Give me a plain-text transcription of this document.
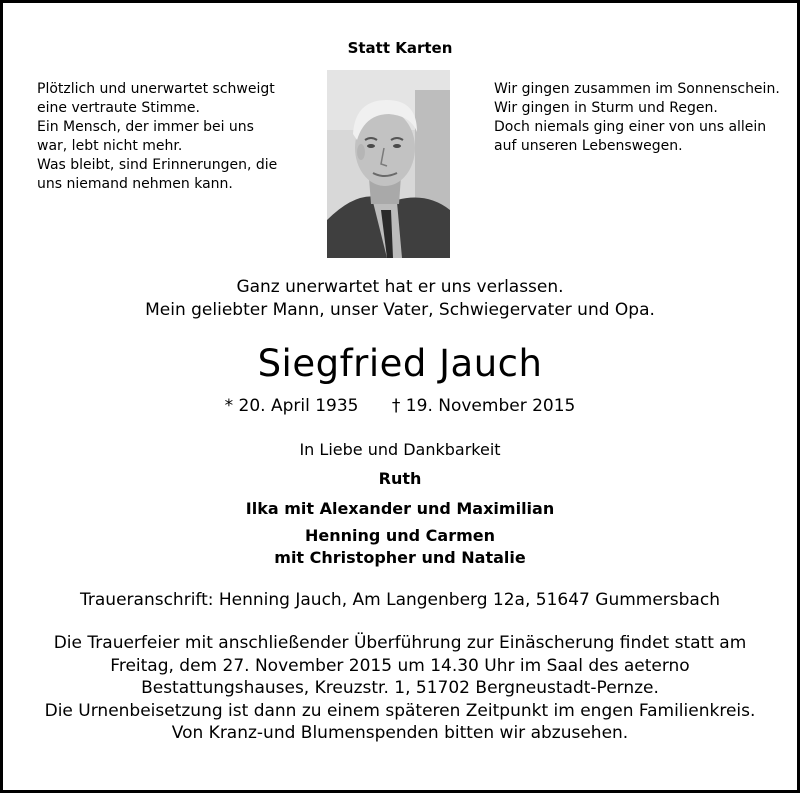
Statt Karten
Plötzlich und unerwartet schweigt
eine vertraute Stimme.
Ein Mensch, der immer bei uns
war, lebt nicht mehr.
Was bleibt, sind Erinnerungen, die
uns niemand nehmen kann.
Wir gingen zusammen im Sonnenschein.
Wir gingen in Sturm und Regen.
Doch niemals ging einer von uns allein
auf unseren Lebenswegen.
Ganz unerwartet hat er uns verlassen.
Mein geliebter Mann, unser Vater, Schwiegervater und Opa.
Siegfried Jauch
* 20. April 1935 † 19. November 2015
In Liebe und Dankbarkeit
Ruth
Ilka mit Alexander und Maximilian
Henning und Carmen
mit Christopher und Natalie
Traueranschrift: Henning Jauch, Am Langenberg 12a, 51647 Gummersbach
Die Trauerfeier mit anschließender Überführung zur Einäscherung findet statt am
Freitag, dem 27. November 2015 um 14.30 Uhr im Saal des aeterno
Bestattungshauses, Kreuzstr. 1, 51702 Bergneustadt-Pernze.
Die Urnenbeisetzung ist dann zu einem späteren Zeitpunkt im engen Familienkreis.
Von Kranz-und Blumenspenden bitten wir abzusehen.
